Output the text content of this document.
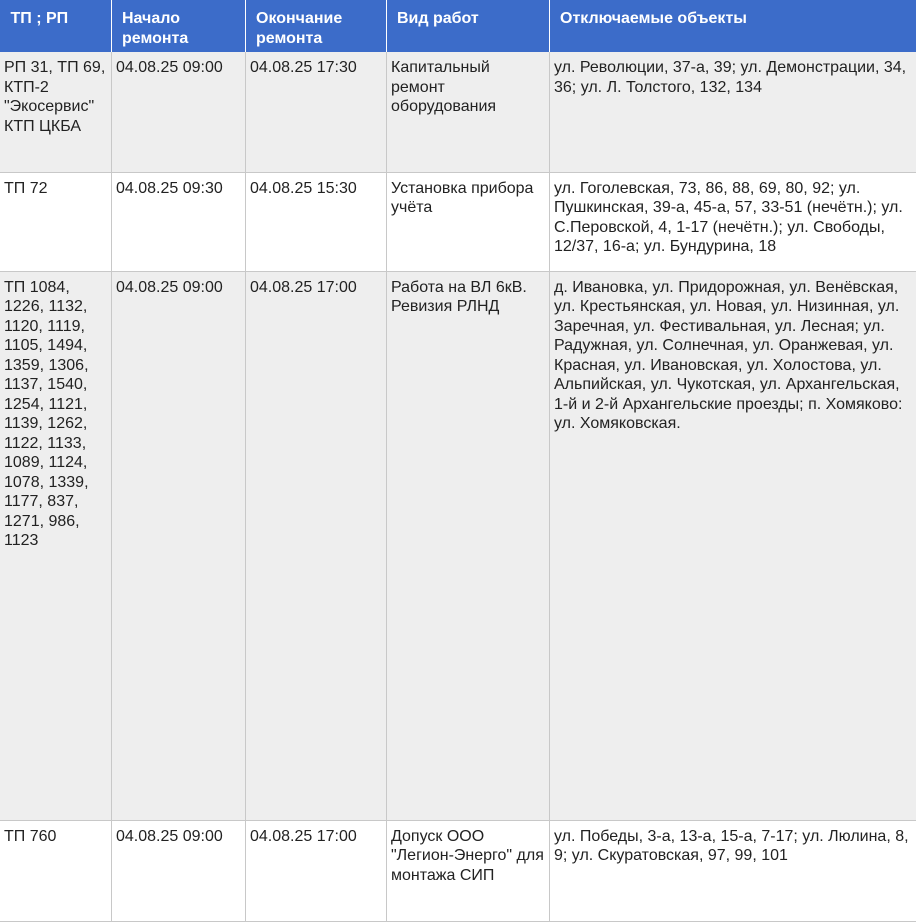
ТП ; РП	Начало ремонта	Окончание ремонта	Вид работ	Отключаемые объекты
РП 31, ТП 69, КТП-2 "Экосервис" КТП ЦКБА	04.08.25 09:00	04.08.25 17:30	Капитальный ремонт оборудования	ул. Революции, 37-а, 39; ул. Демонстрации, 34, 36; ул. Л. Толстого, 132, 134
ТП 72	04.08.25 09:30	04.08.25 15:30	Установка прибора учёта	ул. Гоголевская, 73, 86, 88, 69, 80, 92; ул. Пушкинская, 39-а, 45-а, 57, 33-51 (нечётн.); ул. С.Перовской, 4, 1-17 (нечётн.); ул. Свободы, 12/37, 16-а; ул. Бундурина, 18
ТП 1084, 1226, 1132, 1120, 1119, 1105, 1494, 1359, 1306, 1137, 1540, 1254, 1121, 1139, 1262, 1122, 1133, 1089, 1124, 1078, 1339, 1177, 837, 1271, 986, 1123	04.08.25 09:00	04.08.25 17:00	Работа на ВЛ 6кВ. Ревизия РЛНД	д. Ивановка, ул. Придорожная, ул. Венёвская, ул. Крестьянская, ул. Новая, ул. Низинная, ул. Заречная, ул. Фестивальная, ул. Лесная; ул. Радужная, ул. Солнечная, ул. Оранжевая, ул. Красная, ул. Ивановская, ул. Холостова, ул. Альпийская, ул. Чукотская, ул. Архангельская, 1-й и 2-й Архангельские проезды; п. Хомяково: ул. Хомяковская.
ТП 760	04.08.25 09:00	04.08.25 17:00	Допуск ООО "Легион-Энерго" для монтажа СИП	ул. Победы, 3-а, 13-а, 15-а, 7-17; ул. Люлина, 8, 9; ул. Скуратовская, 97, 99, 101
